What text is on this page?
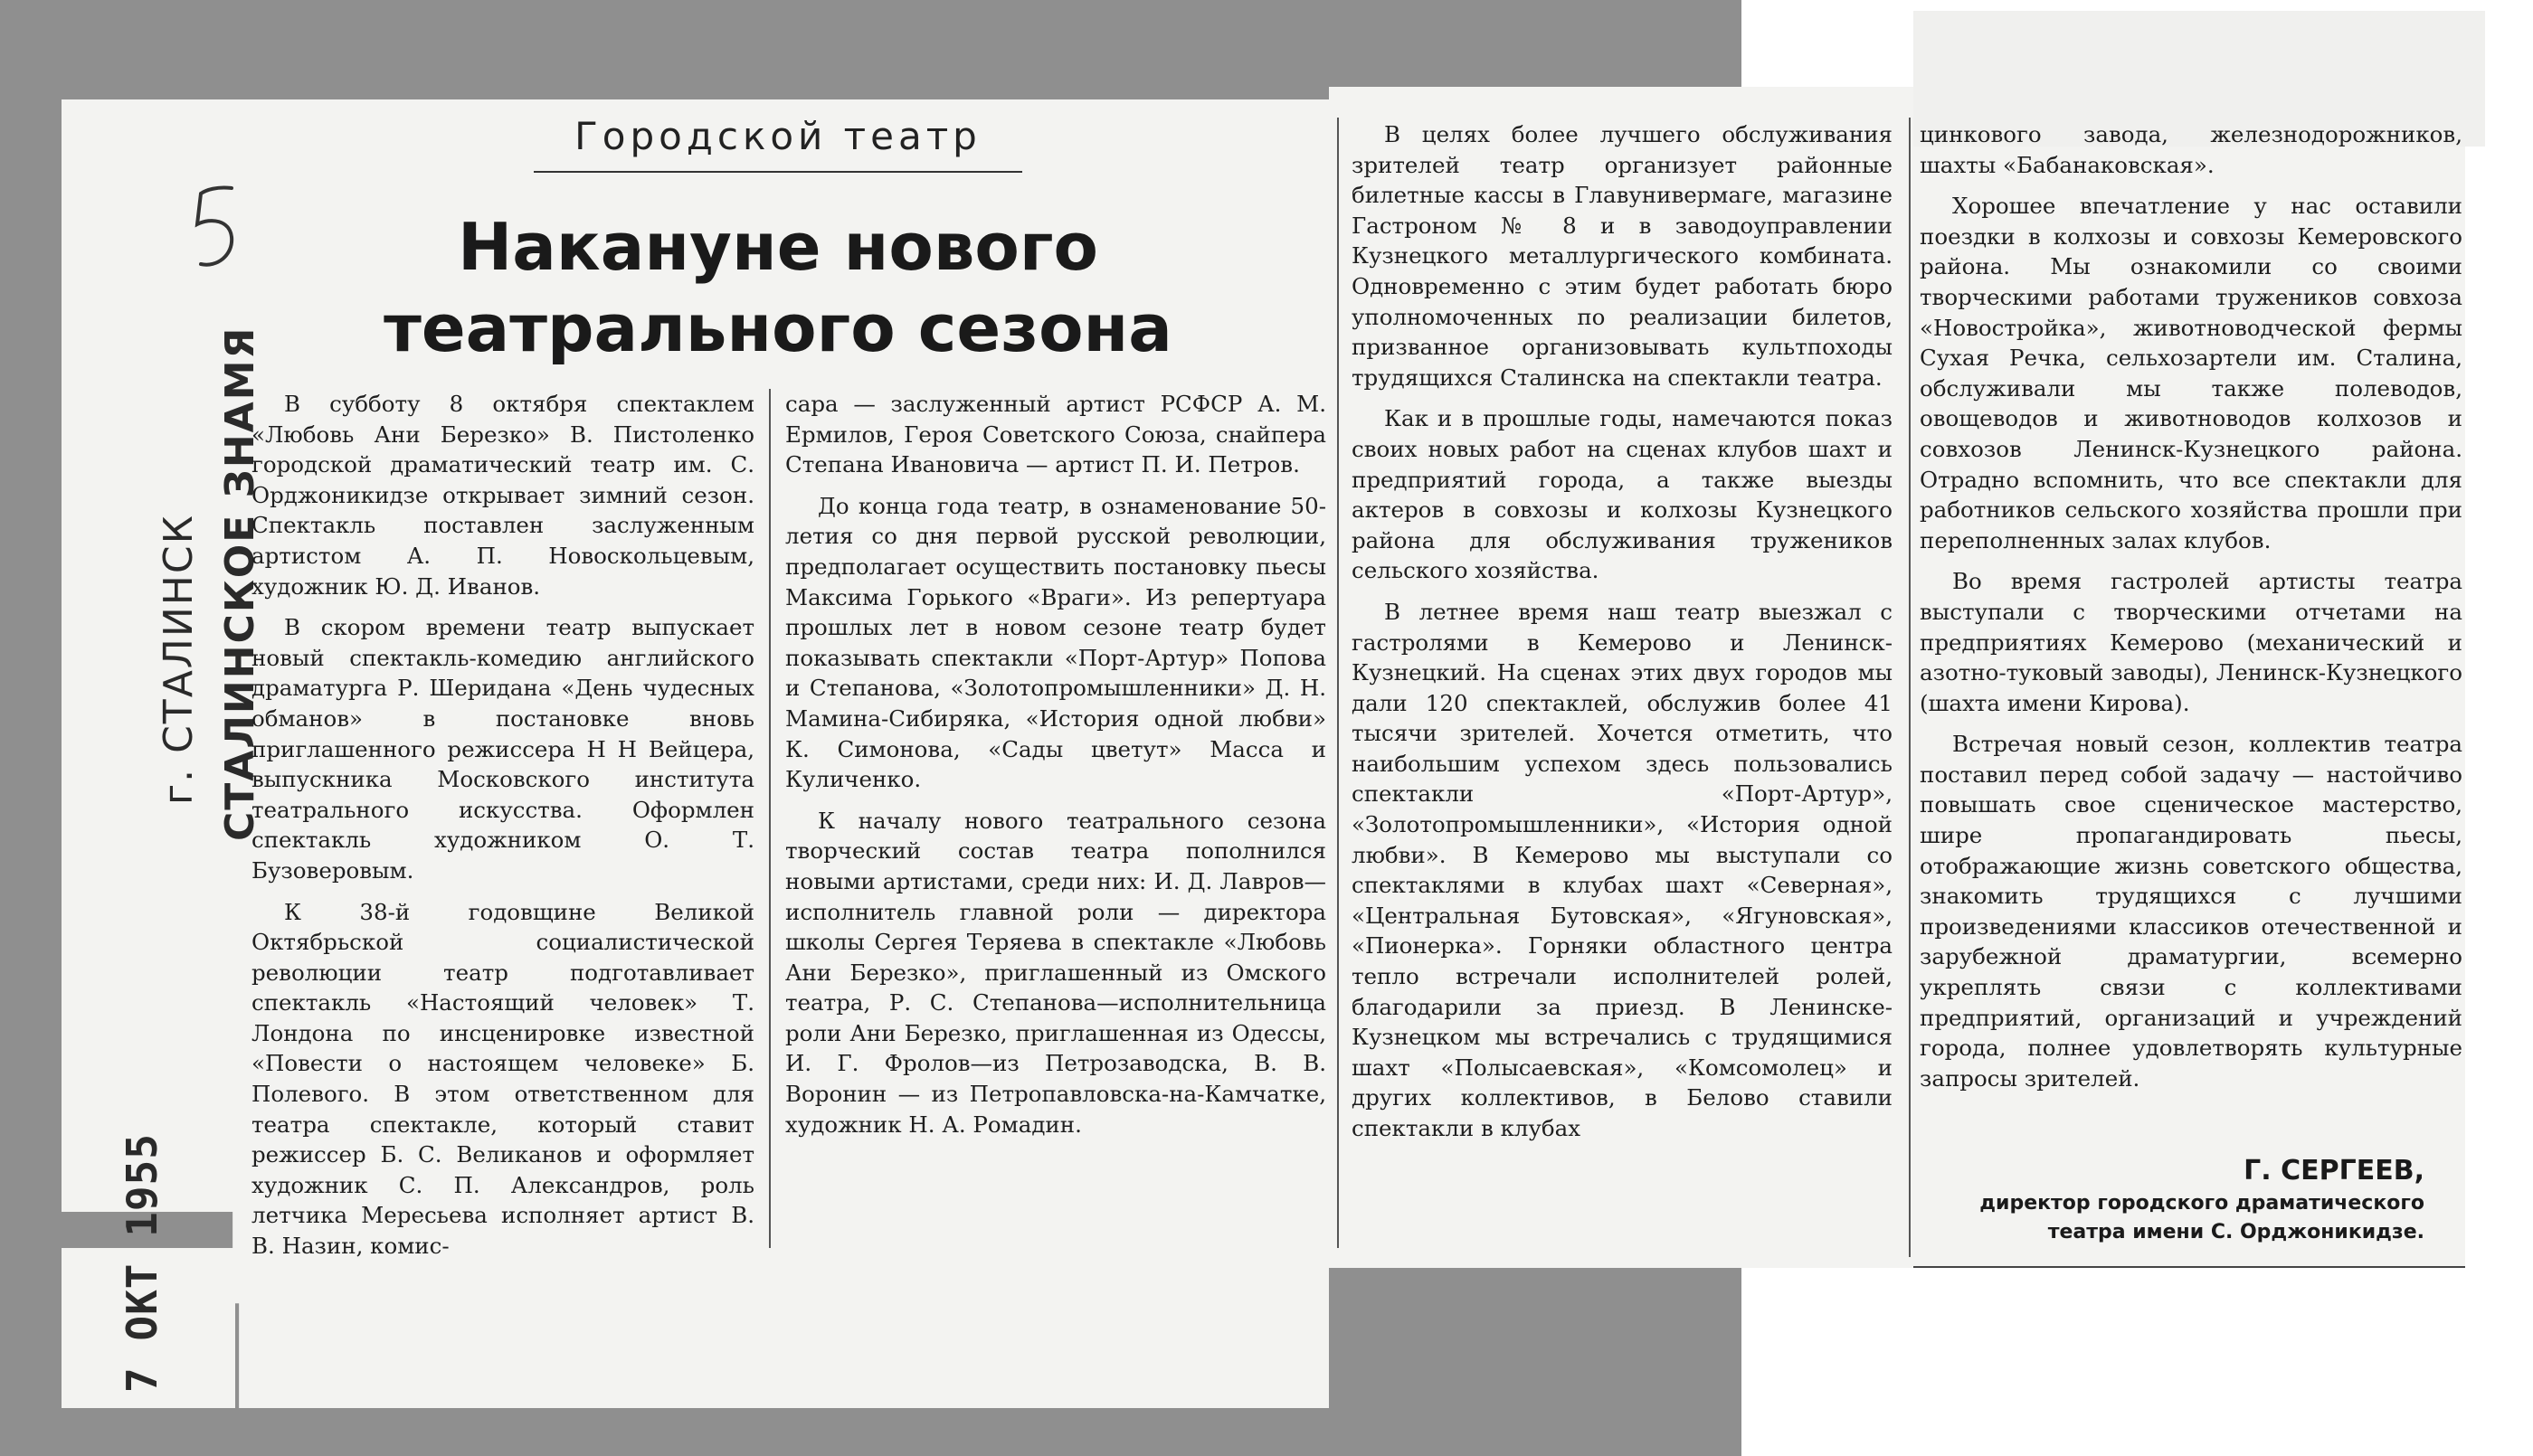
СТАЛИНСКОЕ ЗНАМЯ
г. СТАЛИНСК
7 ОКТ 1955
5
Городской театр
Накануне нового
театрального сезона

В субботу 8 октября спектаклем «Любовь Ани Березко» В. Пистоленко городской драматический театр им. С. Орджоникидзе открывает зимний сезон. Спектакль поставлен заслуженным артистом А. П. Новоскольцевым, художник Ю. Д. Иванов.

В скором времени театр выпускает новый спектакль-комедию английского драматурга Р. Шеридана «День чудесных обманов» в постановке вновь приглашенного режиссера Н Н Вейцера, выпускника Московского института театрального искусства. Оформлен спектакль художником О. Т. Бузоверовым.

К 38-й годовщине Великой Октябрьской социалистической революции театр подготавливает спектакль «Настоящий человек» Т. Лондона по инсценировке известной «Повести о настоящем человеке» Б. Полевого. В этом ответственном для театра спектакле, который ставит режиссер Б. С. Великанов и оформляет художник С. П. Александров, роль летчика Мересьева исполняет артист В. В. Назин, комис-

сара — заслуженный артист РСФСР А. М. Ермилов, Героя Советского Союза, снайпера Степана Ивановича — артист П. И. Петров.

До конца года театр, в ознаменование 50-летия со дня первой русской революции, предполагает осуществить постановку пьесы Максима Горького «Враги». Из репертуара прошлых лет в новом сезоне театр будет показывать спектакли «Порт-Артур» Попова и Степанова, «Золотопромышленники» Д. Н. Мамина-Сибиряка, «История одной любви» К. Симонова, «Сады цветут» Масса и Куличенко.

К началу нового театрального сезона творческий состав театра пополнился новыми артистами, среди них: И. Д. Лавров— исполнитель главной роли — директора школы Сергея Теряева в спектакле «Любовь Ани Березко», приглашенный из Омского театра, Р. С. Степанова—исполнительница роли Ани Березко, приглашенная из Одессы, И. Г. Фролов—из Петрозаводска, В. В. Воронин — из Петропавловска-на-Камчатке, художник Н. А. Ромадин.

В целях более лучшего обслуживания зрителей театр организует районные билетные кассы в Главунивермаге, магазине Гастроном № 8 и в заводоуправлении Кузнецкого металлургического комбината. Одновременно с этим будет работать бюро уполномоченных по реализации билетов, призванное организовывать культпоходы трудящихся Сталинска на спектакли театра.

Как и в прошлые годы, намечаются показ своих новых работ на сценах клубов шахт и предприятий города, а также выезды актеров в совхозы и колхозы Кузнецкого района для обслуживания тружеников сельского хозяйства.

В летнее время наш театр выезжал с гастролями в Кемерово и Ленинск-Кузнецкий. На сценах этих двух городов мы дали 120 спектаклей, обслужив более 41 тысячи зрителей. Хочется отметить, что наибольшим успехом здесь пользовались спектакли «Порт-Артур», «Золотопромышленники», «История одной любви». В Кемерово мы выступали со спектаклями в клубах шахт «Северная», «Центральная Бутовская», «Ягуновская», «Пионерка». Горняки областного центра тепло встречали исполнителей ролей, благодарили за приезд. В Ленинске-Кузнецком мы встречались с трудящимися шахт «Полысаевская», «Комсомолец» и других коллективов, в Белово ставили спектакли в клубах

цинкового завода, железнодорожников, шахты «Бабанаковская».

Хорошее впечатление у нас оставили поездки в колхозы и совхозы Кемеровского района. Мы ознакомили со своими творческими работами тружеников совхоза «Новостройка», животноводческой фермы Сухая Речка, сельхозартели им. Сталина, обслуживали мы также полеводов, овощеводов и животноводов колхозов и совхозов Ленинск-Кузнецкого района. Отрадно вспомнить, что все спектакли для работников сельского хозяйства прошли при переполненных залах клубов.

Во время гастролей артисты театра выступали с творческими отчетами на предприятиях Кемерово (механический и азотно-туковый заводы), Ленинск-Кузнецкого (шахта имени Кирова).

Встречая новый сезон, коллектив театра поставил перед собой задачу — настойчиво повышать свое сценическое мастерство, шире пропагандировать пьесы, отображающие жизнь советского общества, знакомить трудящихся с лучшими произведениями классиков отечественной и зарубежной драматургии, всемерно укреплять связи с коллективами предприятий, организаций и учреждений города, полнее удовлетворять культурные запросы зрителей.

Г. СЕРГЕЕВ,
директор городского драматического
театра имени С. Орджоникидзе.
